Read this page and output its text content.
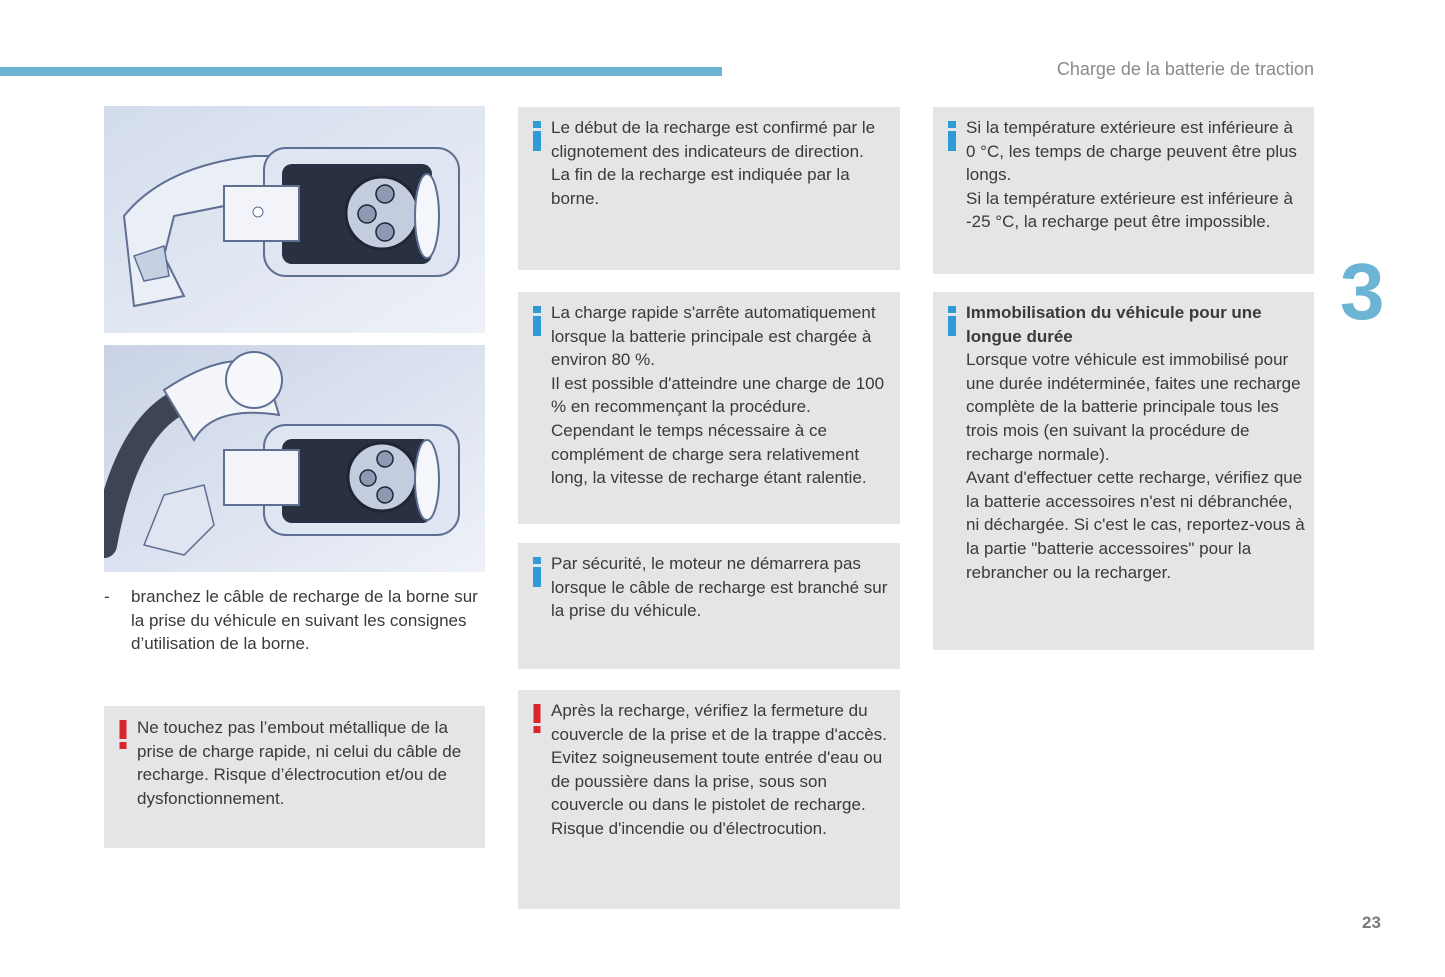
Charge de la batterie de traction
3
23
- branchez le câble de recharge de la borne sur la prise du véhicule en suivant les consignes d’utilisation de la borne.

Ne touchez pas l’embout métallique de la prise de charge rapide, ni celui du câble de recharge. Risque d’électrocution et/ou de dysfonctionnement.

Le début de la recharge est confirmé par le clignotement des indicateurs de direction.

La fin de la recharge est indiquée par la borne.

La charge rapide s'arrête automatiquement lorsque la batterie principale est chargée à environ 80 %.

Il est possible d'atteindre une charge de 100 % en recommençant la procédure.

Cependant le temps nécessaire à ce complément de charge sera relativement long, la vitesse de recharge étant ralentie.

Par sécurité, le moteur ne démarrera pas lorsque le câble de recharge est branché sur la prise du véhicule.

Après la recharge, vérifiez la fermeture du couvercle de la prise et de la trappe d'accès.

Evitez soigneusement toute entrée d'eau ou de poussière dans la prise, sous son couvercle ou dans le pistolet de recharge.

Risque d'incendie ou d'électrocution.

Si la température extérieure est inférieure à 0 °C, les temps de charge peuvent être plus longs.

Si la température extérieure est inférieure à -25 °C, la recharge peut être impossible.

Immobilisation du véhicule pour une longue durée

Lorsque votre véhicule est immobilisé pour une durée indéterminée, faites une recharge complète de la batterie principale tous les trois mois (en suivant la procédure de recharge normale).

Avant d'effectuer cette recharge, vérifiez que la batterie accessoires n'est ni débranchée, ni déchargée. Si c'est le cas, reportez-vous à la partie "batterie accessoires" pour la rebrancher ou la recharger.
